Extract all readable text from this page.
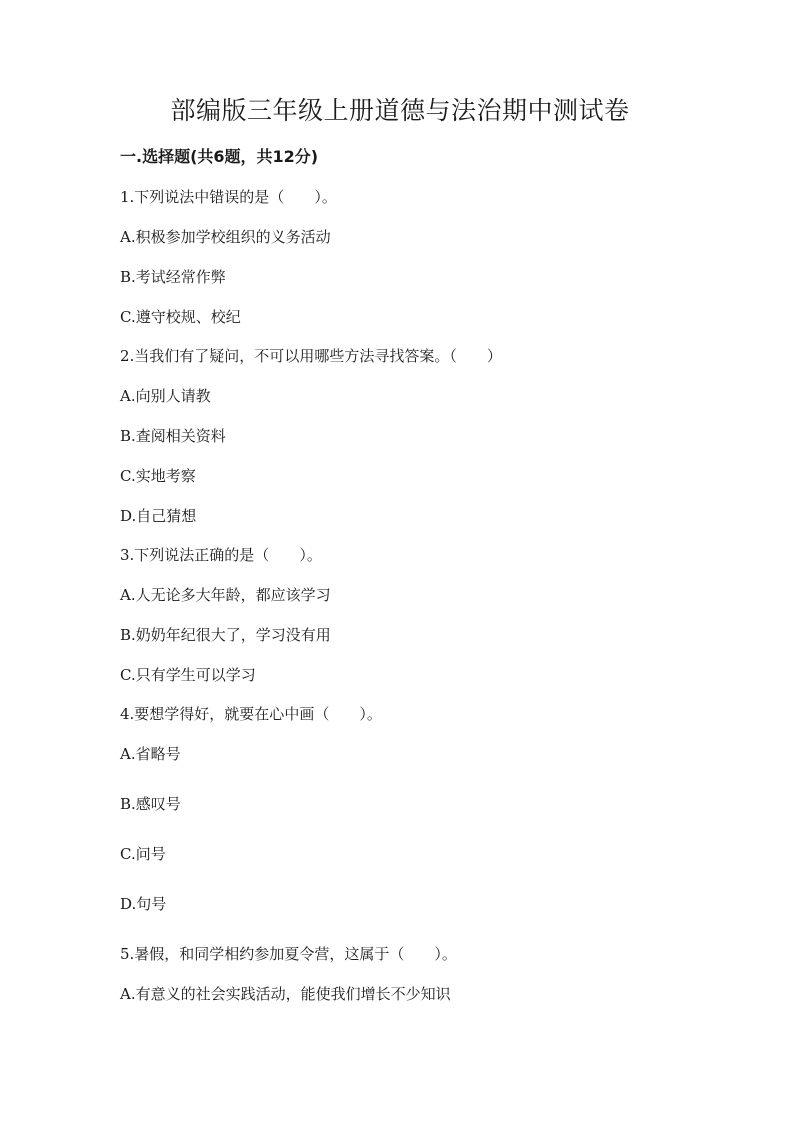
部编版三年级上册道德与法治期中测试卷
一.选择题(共6题，共12分)
1.下列说法中错误的是（　　）。
A.积极参加学校组织的义务活动
B.考试经常作弊
C.遵守校规、校纪
2.当我们有了疑问，不可以用哪些方法寻找答案。（　　）
A.向别人请教
B.查阅相关资料
C.实地考察
D.自己猜想
3.下列说法正确的是（　　）。
A.人无论多大年龄，都应该学习
B.奶奶年纪很大了，学习没有用
C.只有学生可以学习
4.要想学得好，就要在心中画（　　）。
A.省略号
B.感叹号
C.问号
D.句号
5.暑假，和同学相约参加夏令营，这属于（　　）。
A.有意义的社会实践活动，能使我们增长不少知识
